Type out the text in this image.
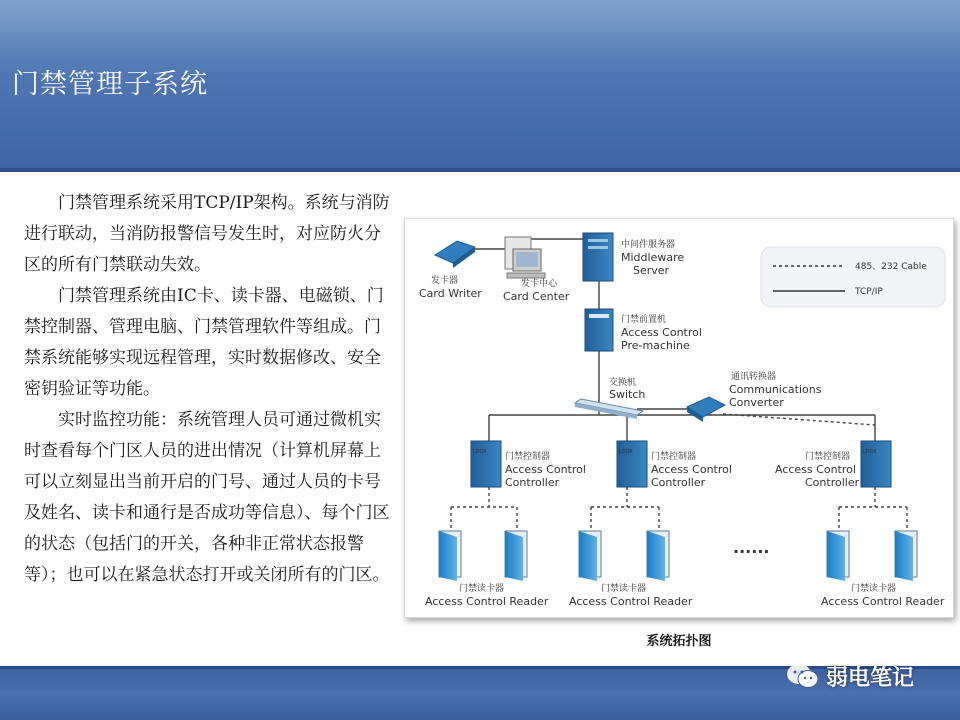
门禁管理子系统

门禁管理系统采用TCP/IP架构。系统与消防进行联动，当消防报警信号发生时，对应防火分区的所有门禁联动失效。

门禁管理系统由IC卡、读卡器、电磁锁、门禁控制器、管理电脑、门禁管理软件等组成。门禁系统能够实现远程管理，实时数据修改、安全密钥验证等功能。

实时监控功能：系统管理人员可通过微机实时查看每个门区人员的进出情况（计算机屏幕上可以立刻显出当前开启的门号、通过人员的卡号及姓名、读卡和通行是否成功等信息）、每个门区的状态（包括门的开关，各种非正常状态报警等）；也可以在紧急状态打开或关闭所有的门区。

485、232 Cable
TCP/IP
发卡器
Card Writer
发卡中心
Card Center
中间件服务器
Middleware
Server
门禁前置机
Access Control
Pre-machine
交换机
Switch
通讯转换器
Communications
Converter
LDOX 门禁控制器
Access Control
Controller
LDOX 门禁控制器
Access Control
Controller
LDOX
门禁控制器
Access Control
Controller
门禁读卡器
Access Control Reader
门禁读卡器
Access Control Reader
......
门禁读卡器
Access Control Reader
系统拓扑图
弱电笔记
